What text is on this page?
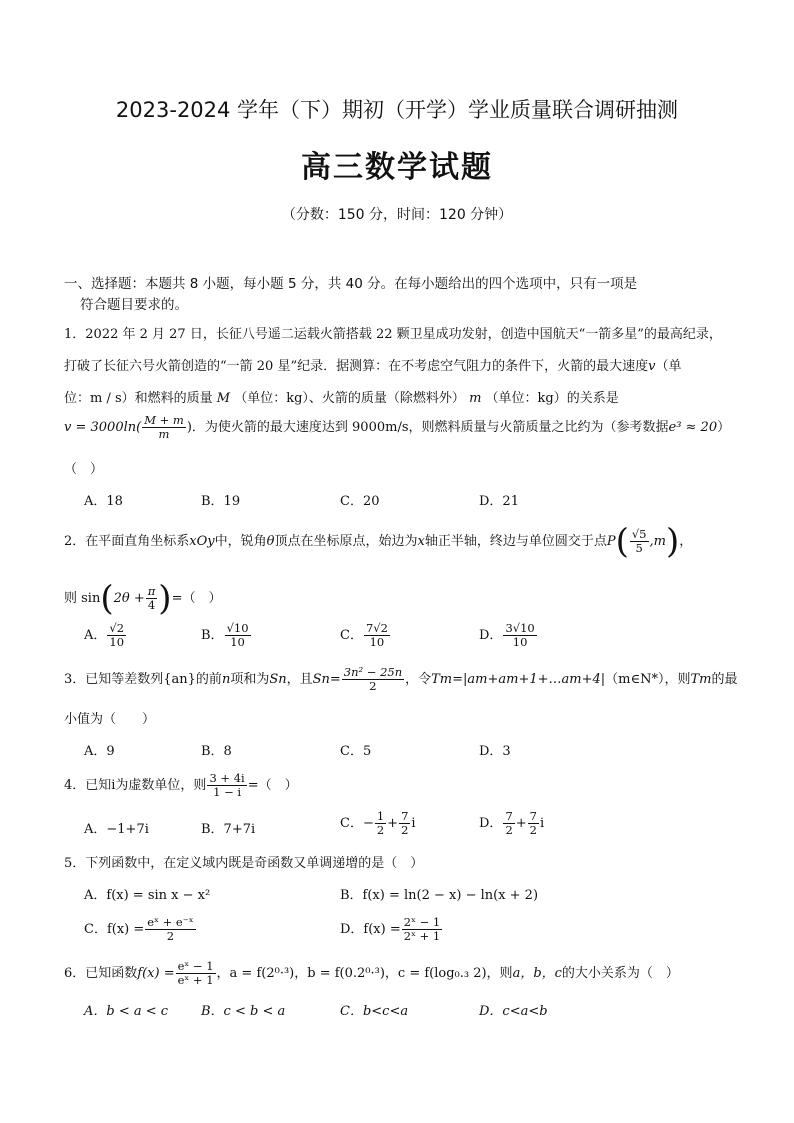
2023-2024 学年（下）期初（开学）学业质量联合调研抽测
高三数学试题
（分数：150 分，时间：120 分钟）
一、选择题：本题共 8 小题，每小题 5 分，共 40 分。在每小题给出的四个选项中，只有一项是
符合题目要求的。
1．2022 年 2 月 27 日，长征八号遥二运载火箭搭载 22 颗卫星成功发射，创造中国航天“一箭多星”的最高纪录，
打破了长征六号火箭创造的“一箭 20 星”纪录．据测算：在不考虑空气阻力的条件下，火箭的最大速度v（单
位：m / s）和燃料的质量 M （单位：kg）、火箭的质量（除燃料外） m （单位：kg）的关系是
$v = 3000\ln( \frac{M + m}{m}$ )．为使火箭的最大速度达到 9000m/s，则燃料质量与火箭质量之比约为（参考数据e³ ≈ 20）
（　）
A．18	B．19	C．20	D．21
2．在平面直角坐标系xOy中，锐角θ顶点在坐标原点，始边为x轴正半轴，终边与单位圆交于点$P( \frac{√5}{5} ,m)$，
则 $\sin(2\theta + \frac{\pi}{4}$ )=（　）
A． $\frac{√2}{10}$	B． $\frac{√10}{10}$	C． $\frac{7√2}{10}$	D． $\frac{3√10}{10}$
3．已知等差数列{an}的前n项和为Sn，且$Sn= \frac{\text{3n² − 25n}}{2}$ ，令Tm=|am+am+1+…am+4|（m∈N*），则Tm的最
小值为（　　）
A．9	B．8	C．5	D．3
4．已知i为虚数单位，则 $\frac{3 + 4i}{1 - i}$ =（　）
A．−1+7i	B．7+7i	C．− $\frac{1}{2} + \frac{7}{2}$ i	D． $\frac{7}{2} + \frac{7}{2}$ i
5．下列函数中，在定义域内既是奇函数又单调递增的是（　）
A．f(x) = sin x − x²	B．f(x) = ln(2 − x) − ln(x + 2)
C．$f(x) = \frac{\text{eˣ + e⁻ˣ}}{2}$	D．$f(x) = \frac{\text{2ˣ − 1}}{\text{2ˣ + 1}}$
6．已知函数$f(x) = \frac{\text{eˣ − 1}}{\text{eˣ + 1}}$ ，a = f(2⁰·³)，b = f(0.2⁰·³)，c = f(log₀.₃ 2)，则a，b，c的大小关系为（　）
A．b < a < c	B．c < b < a	C．b<c<a	D．c<a<b
